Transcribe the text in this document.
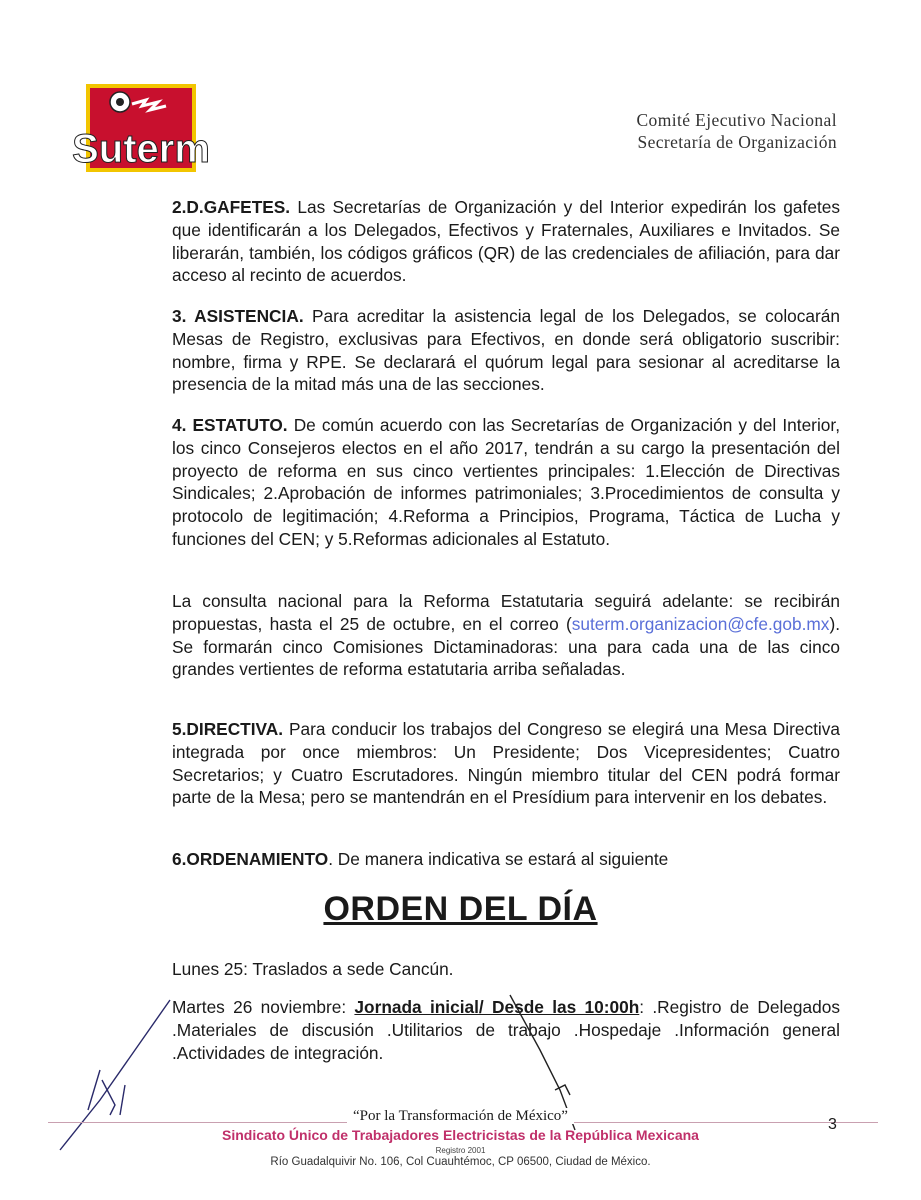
Suterm
Comité Ejecutivo Nacional
Secretaría de Organización
2.D.GAFETES. Las Secretarías de Organización y del Interior expedirán los gafetes que identificarán a los Delegados, Efectivos y Fraternales, Auxiliares e Invitados. Se liberarán, también, los códigos gráficos (QR) de las credenciales de afiliación, para dar acceso al recinto de acuerdos.
3. ASISTENCIA. Para acreditar la asistencia legal de los Delegados, se colocarán Mesas de Registro, exclusivas para Efectivos, en donde será obligatorio suscribir: nombre, firma y RPE. Se declarará el quórum legal para sesionar al acreditarse la presencia de la mitad más una de las secciones.
4. ESTATUTO. De común acuerdo con las Secretarías de Organización y del Interior, los cinco Consejeros electos en el año 2017, tendrán a su cargo la presentación del proyecto de reforma en sus cinco vertientes principales: 1.Elección de Directivas Sindicales; 2.Aprobación de informes patrimoniales; 3.Procedimientos de consulta y protocolo de legitimación; 4.Reforma a Principios, Programa, Táctica de Lucha y funciones del CEN; y 5.Reformas adicionales al Estatuto.
La consulta nacional para la Reforma Estatutaria seguirá adelante: se recibirán propuestas, hasta el 25 de octubre, en el correo (suterm.organizacion@cfe.gob.mx). Se formarán cinco Comisiones Dictaminadoras: una para cada una de las cinco grandes vertientes de reforma estatutaria arriba señaladas.
5.DIRECTIVA. Para conducir los trabajos del Congreso se elegirá una Mesa Directiva integrada por once miembros: Un Presidente; Dos Vicepresidentes; Cuatro Secretarios; y Cuatro Escrutadores. Ningún miembro titular del CEN podrá formar parte de la Mesa; pero se mantendrán en el Presídium para intervenir en los debates.
6.ORDENAMIENTO. De manera indicativa se estará al siguiente
ORDEN DEL DÍA
Lunes 25: Traslados a sede Cancún.
Martes 26 noviembre: Jornada inicial/ Desde las 10:00h: .Registro de Delegados .Materiales de discusión .Utilitarios de trabajo .Hospedaje .Información general .Actividades de integración.
“Por la Transformación de México”	3
Sindicato Único de Trabajadores Electricistas de la República Mexicana
Registro 2001
Río Guadalquivir No. 106, Col Cuauhtémoc, CP 06500, Ciudad de México.
